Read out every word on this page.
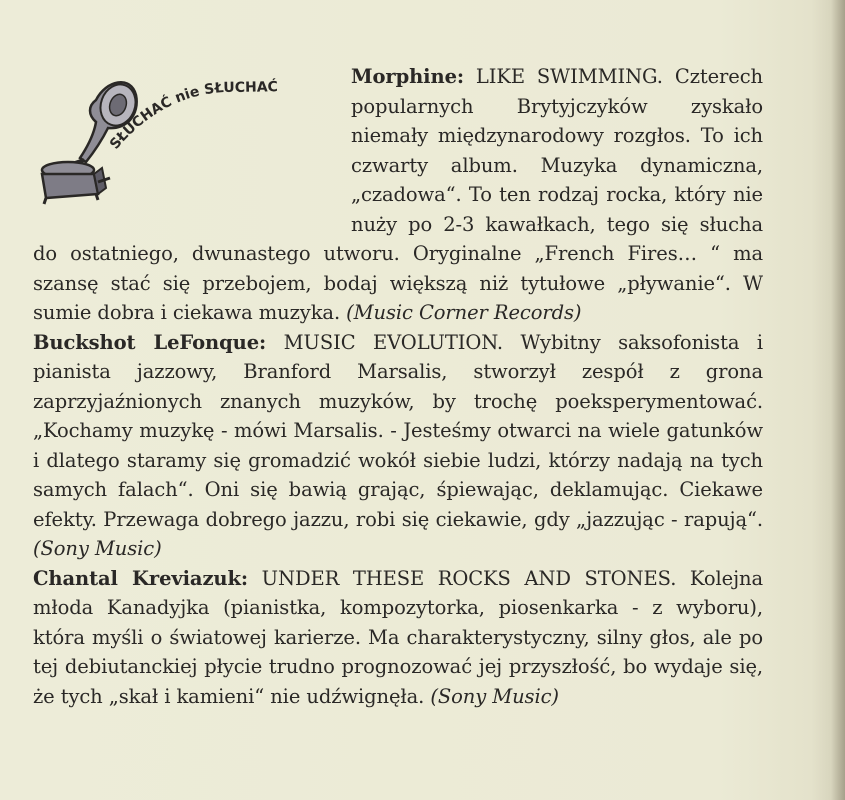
SŁUCHAĆ nie SŁUCHAĆ	Morphine: LIKE SWIMMING. Czterech popularnych Brytyjczyków zyskało niemały międzynarodowy rozgłos. To ich czwarty album. Muzyka dynamiczna, „czadowa“. To ten rodzaj rocka, który nie nuży po 2-3 kawałkach, tego się słucha do ostatniego, dwunastego utworu. Oryginalne „French Fires… “ ma szansę stać się przebojem, bodaj większą niż tytułowe „pływanie“. W sumie dobra i ciekawa muzyka. (Music Corner Records)

Buckshot LeFonque: MUSIC EVOLUTION. Wybitny saksofonista i pianista jazzowy, Branford Marsalis, stworzył zespół z grona zaprzyjaźnionych znanych muzyków, by trochę poeksperymentować. „Kochamy muzykę - mówi Marsalis. - Jesteśmy otwarci na wiele gatunków i dlatego staramy się gromadzić wokół siebie ludzi, którzy nadają na tych samych falach“. Oni się bawią grając, śpiewając, deklamując. Ciekawe efekty. Przewaga dobrego jazzu, robi się ciekawie, gdy „jazzując - rapują“. (Sony Music)

Chantal Kreviazuk: UNDER THESE ROCKS AND STONES. Kolejna młoda Kanadyjka (pianistka, kompozytorka, piosenkarka - z wyboru), która myśli o światowej karierze. Ma charakterystyczny, silny głos, ale po tej debiutanckiej płycie trudno prognozować jej przyszłość, bo wydaje się, że tych „skał i kamieni“ nie udźwignęła. (Sony Music)
